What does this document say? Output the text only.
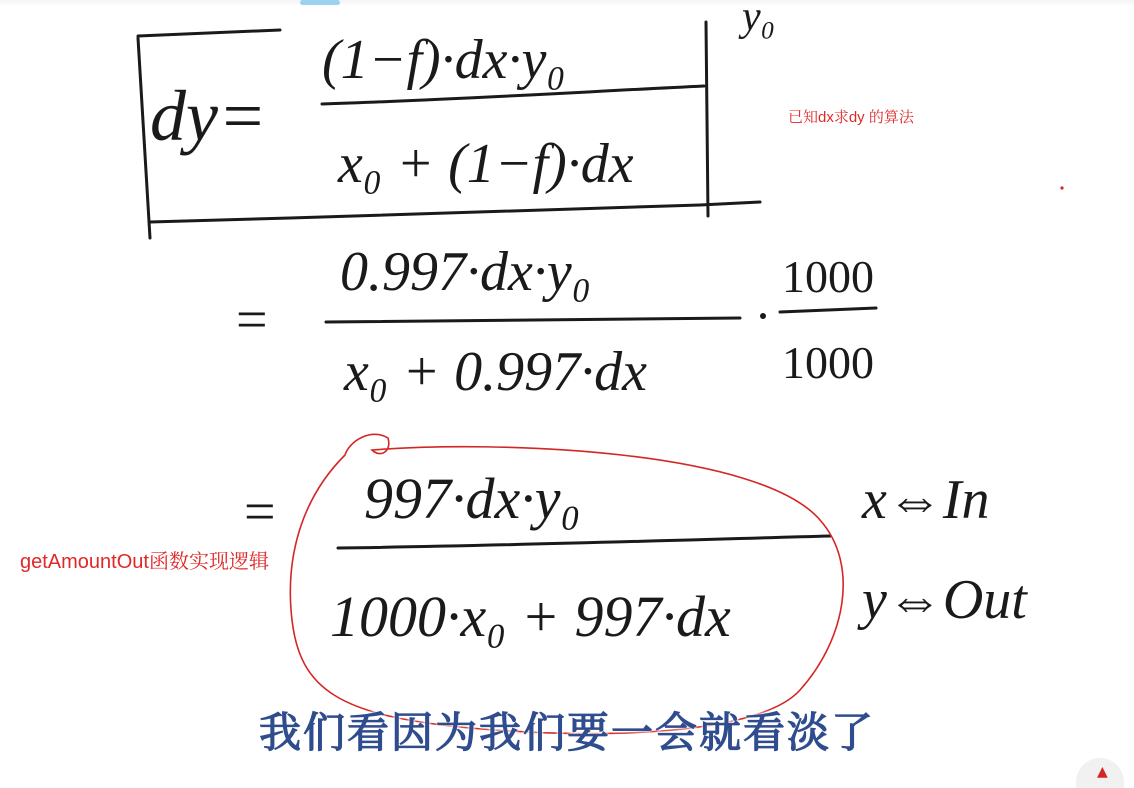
dy=
(1−f)·dx·y₀
x₀ + (1−f)·dx
y₀
=
0.997·dx·y₀
x₀ + 0.997·dx
1000
1000
= 997·dx·y₀
1000·x₀ + 997·dx
x⇔In
y⇔Out
已知dx求dy 的算法
getAmountOut函数实现逻辑
我们看因为我们要一会就看淡了
▲
